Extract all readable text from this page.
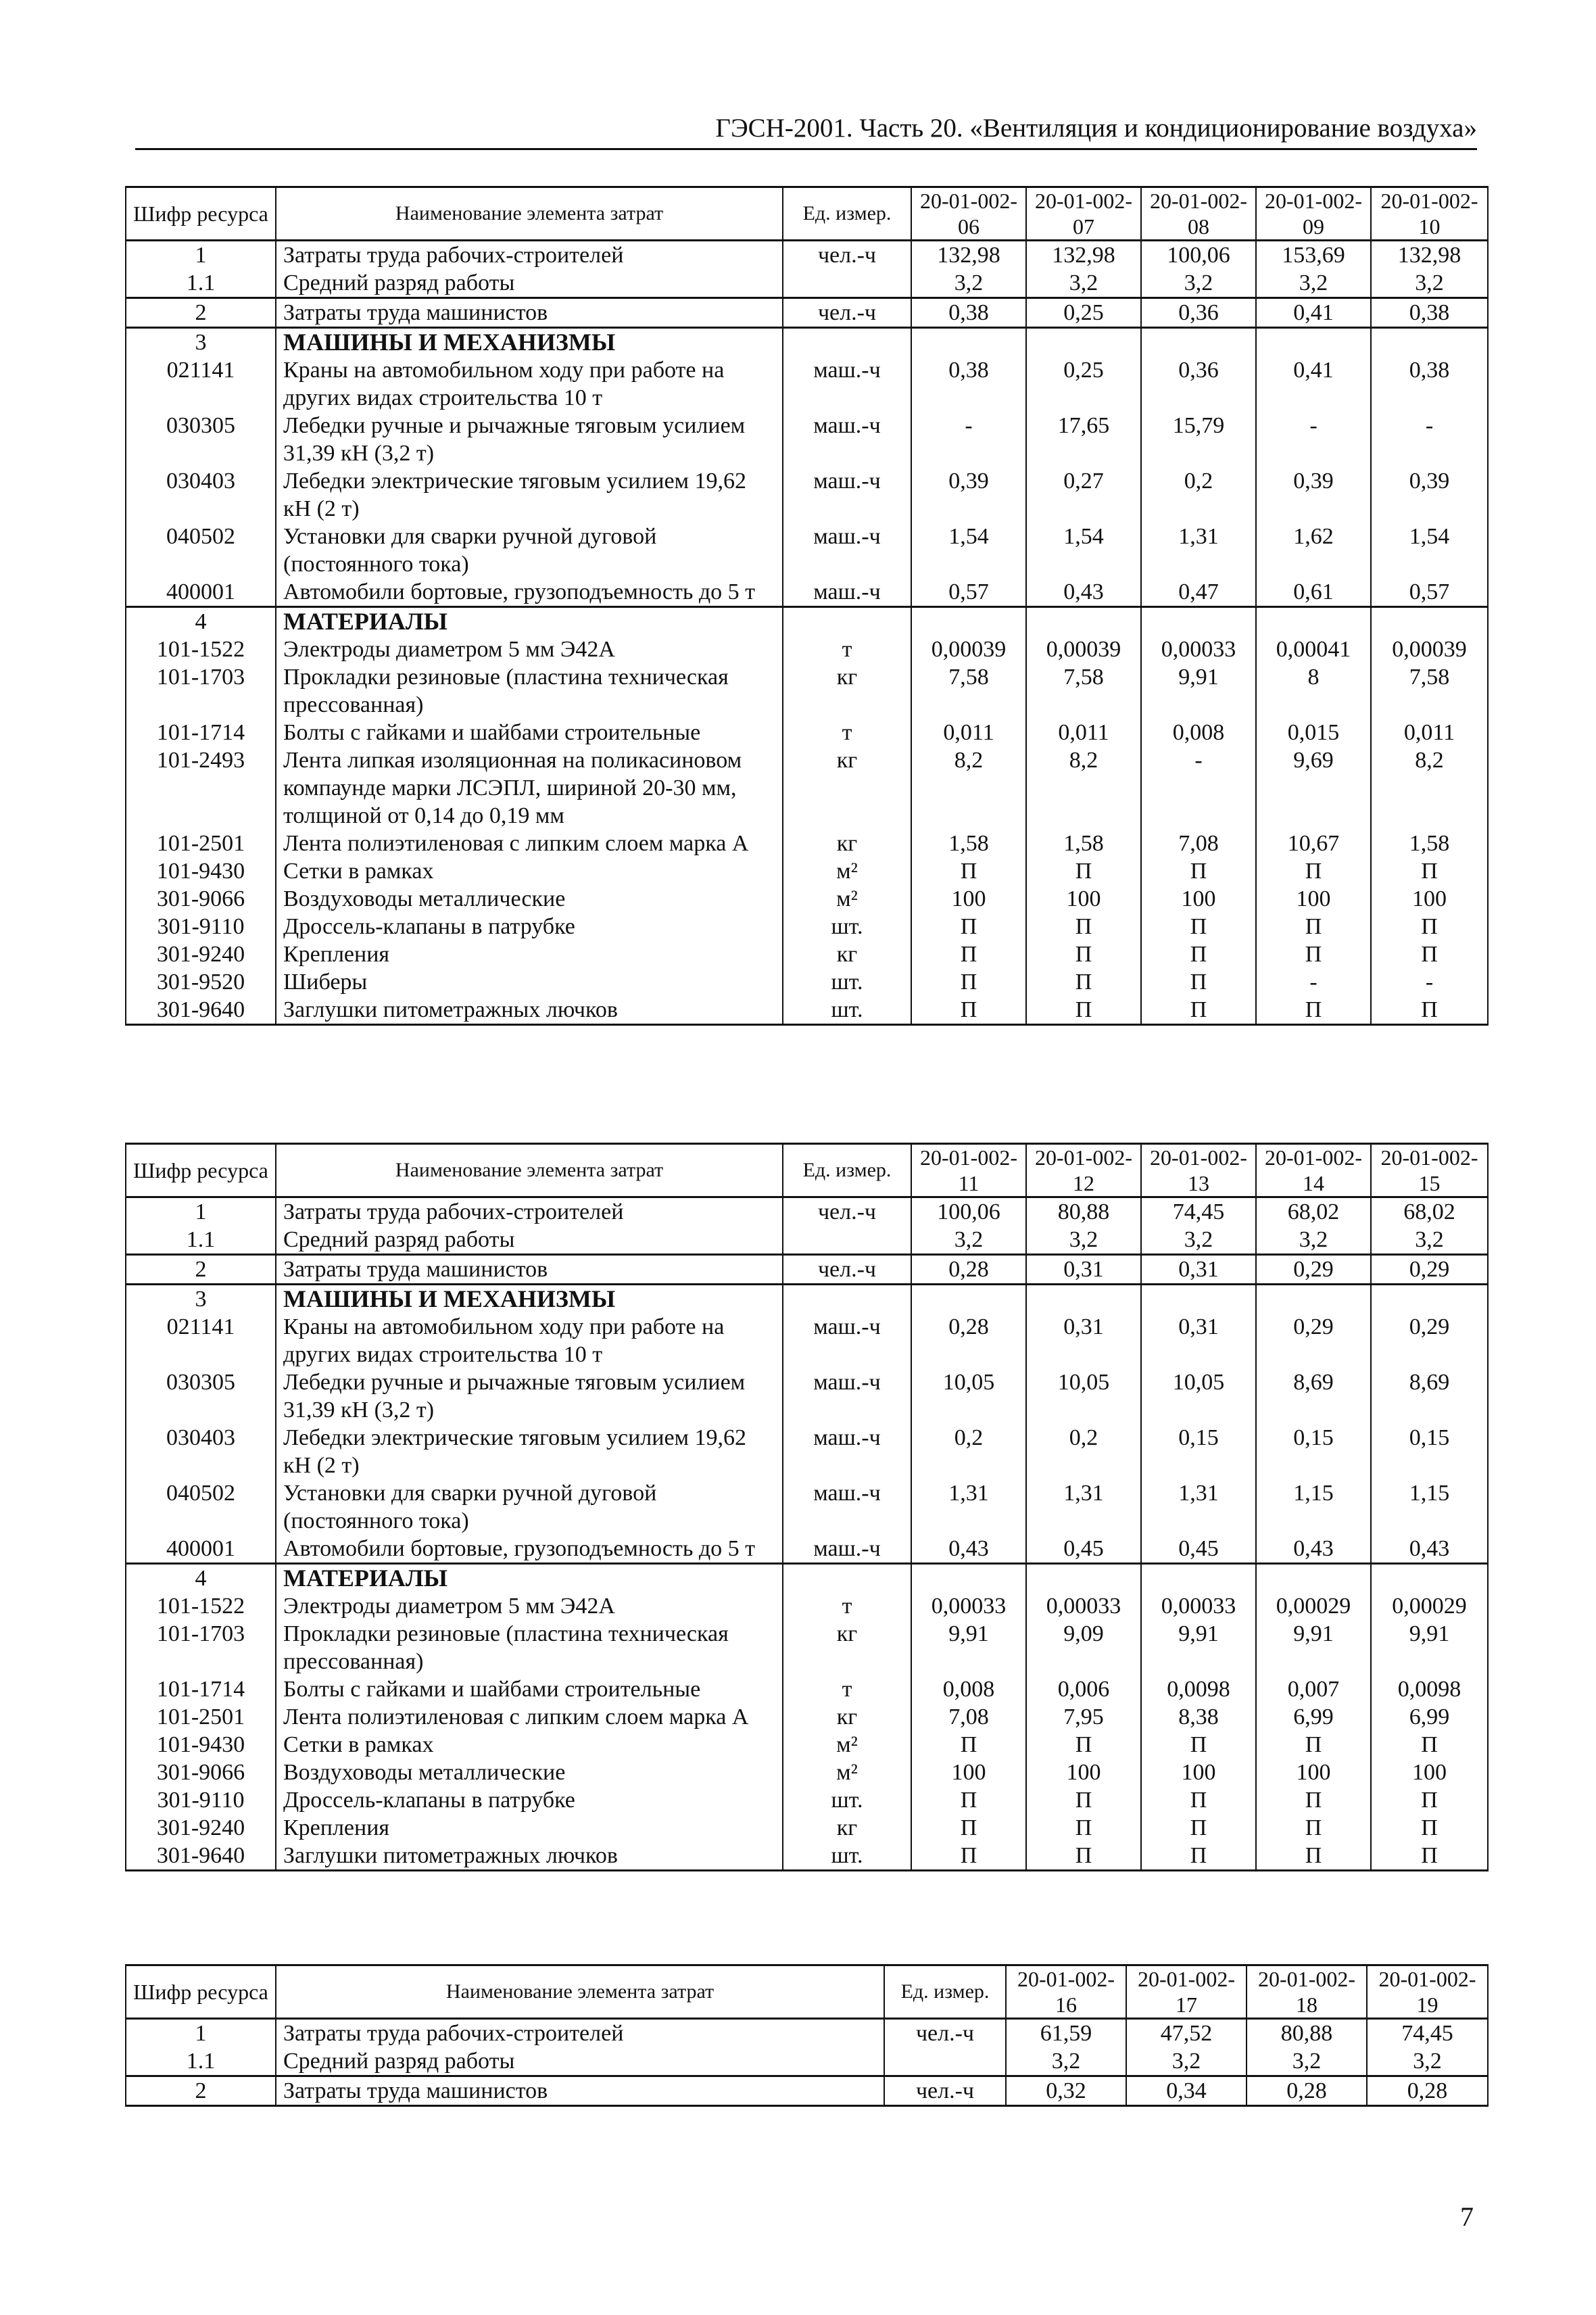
ГЭСН-2001. Часть 20. «Вентиляция и кондиционирование воздуха»
Шифр ресурса	Наименование элемента затрат	Ед. измер.	20-01-002-06	20-01-002-07	20-01-002-08	20-01-002-09	20-01-002-10
1	Затраты труда рабочих-строителей	чел.-ч	132,98	132,98	100,06	153,69	132,98
1.1	Средний разряд работы		3,2	3,2	3,2	3,2	3,2
2	Затраты труда машинистов	чел.-ч	0,38	0,25	0,36	0,41	0,38
3	МАШИНЫ И МЕХАНИЗМЫ						
021141	Краны на автомобильном ходу при работе на других видах строительства 10 т	маш.-ч	0,38	0,25	0,36	0,41	0,38
030305	Лебедки ручные и рычажные тяговым усилием 31,39 кН (3,2 т)	маш.-ч	-	17,65	15,79	-	-
030403	Лебедки электрические тяговым усилием 19,62 кН (2 т)	маш.-ч	0,39	0,27	0,2	0,39	0,39
040502	Установки для сварки ручной дуговой (постоянного тока)	маш.-ч	1,54	1,54	1,31	1,62	1,54
400001	Автомобили бортовые, грузоподъемность до 5 т	маш.-ч	0,57	0,43	0,47	0,61	0,57
4	МАТЕРИАЛЫ						
101-1522	Электроды диаметром 5 мм Э42А	т	0,00039	0,00039	0,00033	0,00041	0,00039
101-1703	Прокладки резиновые (пластина техническая прессованная)	кг	7,58	7,58	9,91	8	7,58
101-1714	Болты с гайками и шайбами строительные	т	0,011	0,011	0,008	0,015	0,011
101-2493	Лента липкая изоляционная на поликасиновом компаунде марки ЛСЭПЛ, шириной 20-30 мм, толщиной от 0,14 до 0,19 мм	кг	8,2	8,2	-	9,69	8,2
101-2501	Лента полиэтиленовая с липким слоем марка А	кг	1,58	1,58	7,08	10,67	1,58
101-9430	Сетки в рамках	м²	П	П	П	П	П
301-9066	Воздуховоды металлические	м²	100	100	100	100	100
301-9110	Дроссель-клапаны в патрубке	шт.	П	П	П	П	П
301-9240	Крепления	кг	П	П	П	П	П
301-9520	Шиберы	шт.	П	П	П	-	-
301-9640	Заглушки питометражных лючков	шт.	П	П	П	П	П
Шифр ресурса	Наименование элемента затрат	Ед. измер.	20-01-002-11	20-01-002-12	20-01-002-13	20-01-002-14	20-01-002-15
1	Затраты труда рабочих-строителей	чел.-ч	100,06	80,88	74,45	68,02	68,02
1.1	Средний разряд работы		3,2	3,2	3,2	3,2	3,2
2	Затраты труда машинистов	чел.-ч	0,28	0,31	0,31	0,29	0,29
3	МАШИНЫ И МЕХАНИЗМЫ						
021141	Краны на автомобильном ходу при работе на других видах строительства 10 т	маш.-ч	0,28	0,31	0,31	0,29	0,29
030305	Лебедки ручные и рычажные тяговым усилием 31,39 кН (3,2 т)	маш.-ч	10,05	10,05	10,05	8,69	8,69
030403	Лебедки электрические тяговым усилием 19,62 кН (2 т)	маш.-ч	0,2	0,2	0,15	0,15	0,15
040502	Установки для сварки ручной дуговой (постоянного тока)	маш.-ч	1,31	1,31	1,31	1,15	1,15
400001	Автомобили бортовые, грузоподъемность до 5 т	маш.-ч	0,43	0,45	0,45	0,43	0,43
4	МАТЕРИАЛЫ						
101-1522	Электроды диаметром 5 мм Э42А	т	0,00033	0,00033	0,00033	0,00029	0,00029
101-1703	Прокладки резиновые (пластина техническая прессованная)	кг	9,91	9,09	9,91	9,91	9,91
101-1714	Болты с гайками и шайбами строительные	т	0,008	0,006	0,0098	0,007	0,0098
101-2501	Лента полиэтиленовая с липким слоем марка А	кг	7,08	7,95	8,38	6,99	6,99
101-9430	Сетки в рамках	м²	П	П	П	П	П
301-9066	Воздуховоды металлические	м²	100	100	100	100	100
301-9110	Дроссель-клапаны в патрубке	шт.	П	П	П	П	П
301-9240	Крепления	кг	П	П	П	П	П
301-9640	Заглушки питометражных лючков	шт.	П	П	П	П	П
Шифр ресурса	Наименование элемента затрат	Ед. измер.	20-01-002-16	20-01-002-17	20-01-002-18	20-01-002-19
1	Затраты труда рабочих-строителей	чел.-ч	61,59	47,52	80,88	74,45
1.1	Средний разряд работы		3,2	3,2	3,2	3,2
2	Затраты труда машинистов	чел.-ч	0,32	0,34	0,28	0,28
7
